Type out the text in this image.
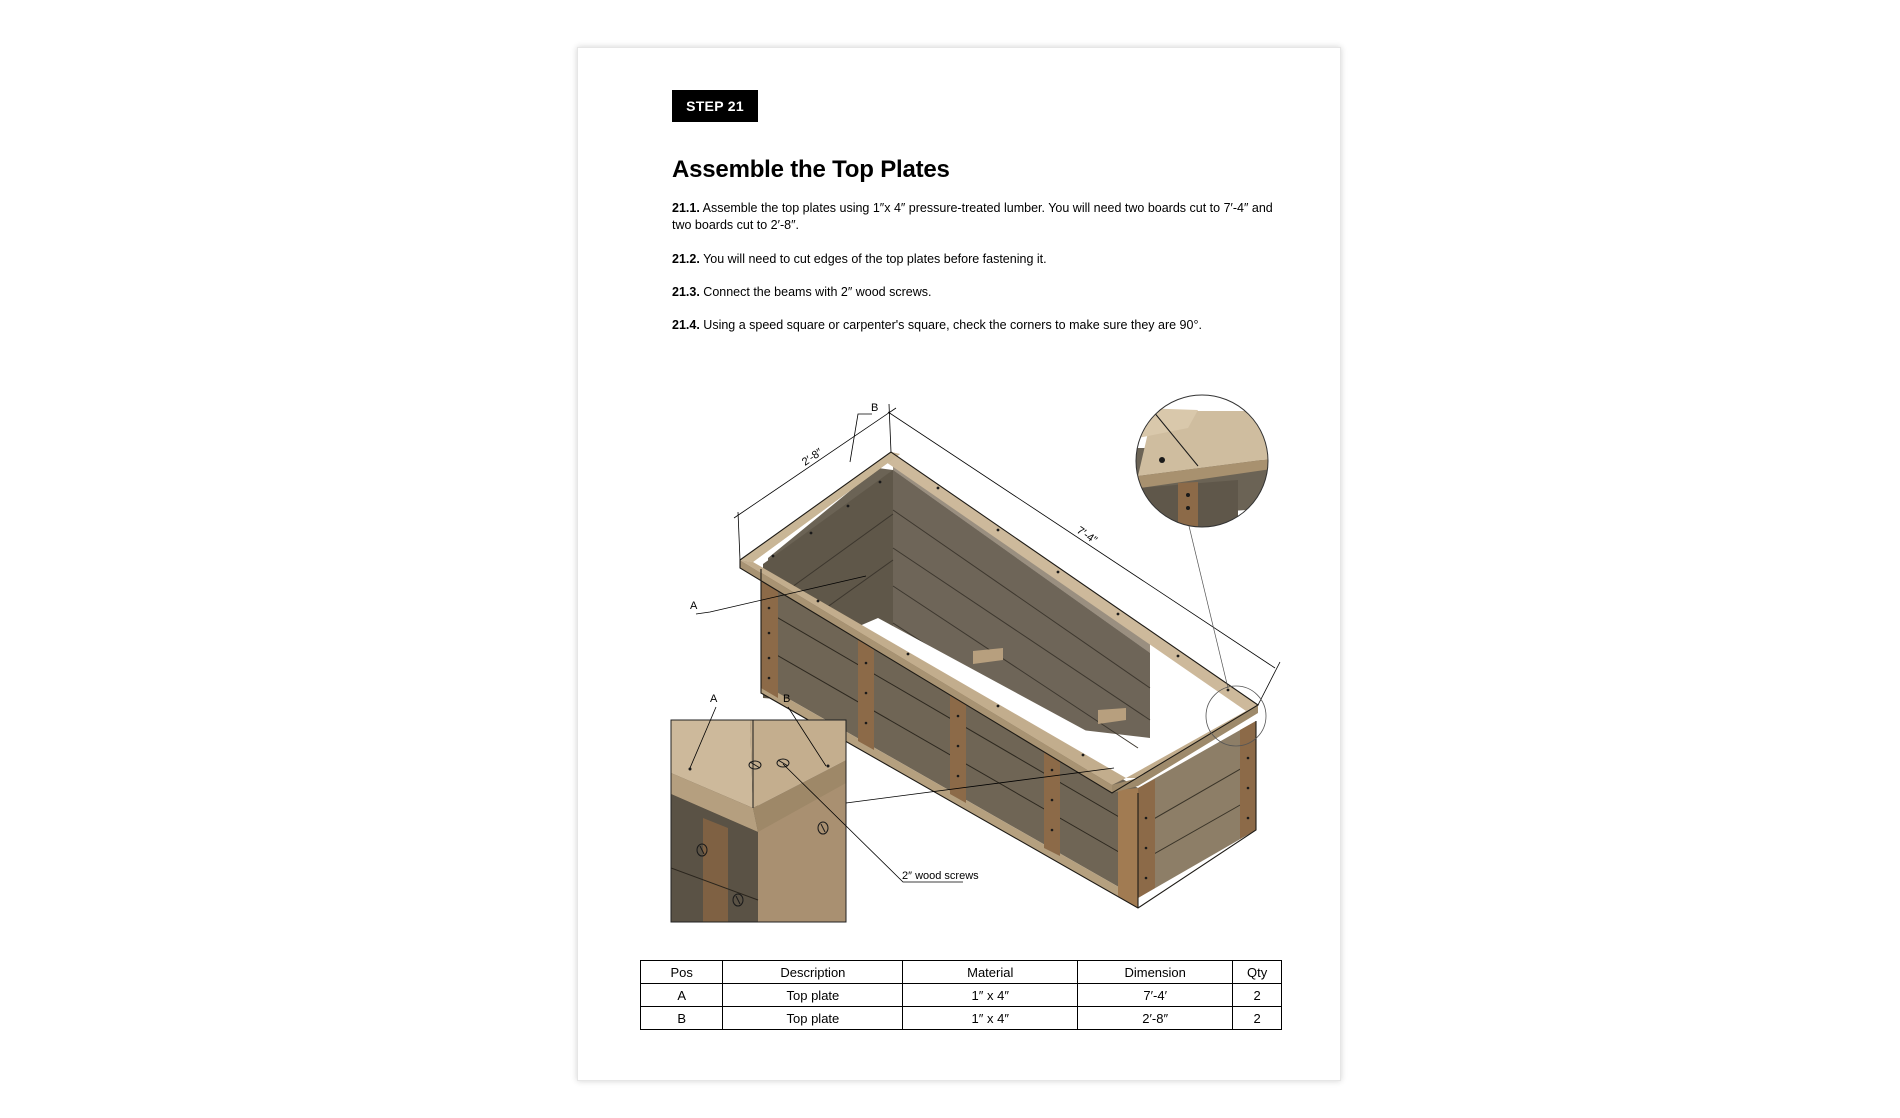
STEP 21
Assemble the Top Plates

21.1. Assemble the top plates using 1″x 4″ pressure-treated lumber. You will need two boards cut to 7′-4″ and two boards cut to 2′-8″.

21.2. You will need to cut edges of the top plates before fastening it.

21.3. Connect the beams with 2″ wood screws.

21.4. Using a speed square or carpenter's square, check the corners to make sure they are 90°.

2′-8″
7′-4″
A
B
A	B
2″ wood screws
Pos	Description	Material	Dimension	Qty
A	Top plate	1″ x 4″	7′-4′	2
B	Top plate	1″ x 4″	2′-8″	2
